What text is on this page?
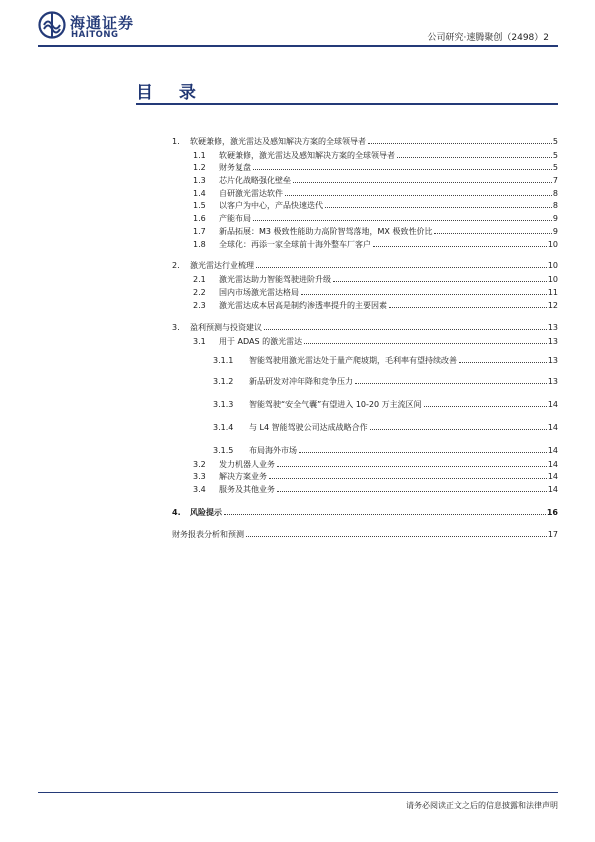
海通证券
HAITONG	公司研究·速腾聚创（2498）2
目 录
1.	软硬兼修，激光雷达及感知解决方案的全球领导者	5
1.1	软硬兼修，激光雷达及感知解决方案的全球领导者	5
1.2	财务复盘	5
1.3	芯片化战略强化壁垒	7
1.4	自研激光雷达软件	8
1.5	以客户为中心，产品快速迭代	8
1.6	产能布局	9
1.7	新品拓展：M3 极致性能助力高阶智驾落地，MX 极致性价比	9
1.8	全球化：再添一家全球前十海外整车厂客户	10
2.	激光雷达行业梳理	10
2.1	激光雷达助力智能驾驶进阶升级	10
2.2	国内市场激光雷达格局	11
2.3	激光雷达成本居高是制约渗透率提升的主要因素	12
3.	盈利预测与投资建议	13
3.1	用于 ADAS 的激光雷达	13
3.1.1	智能驾驶用激光雷达处于量产爬坡期，毛利率有望持续改善	13
3.1.2	新品研发对冲年降和竞争压力	13
3.1.3	智能驾驶“安全气囊”有望进入 10-20 万主流区间	14
3.1.4	与 L4 智能驾驶公司达成战略合作	14
3.1.5	布局海外市场	14
3.2	发力机器人业务	14
3.3	解决方案业务	14
3.4	服务及其他业务	14
4.	风险提示	16
财务报表分析和预测	17
请务必阅读正文之后的信息披露和法律声明
